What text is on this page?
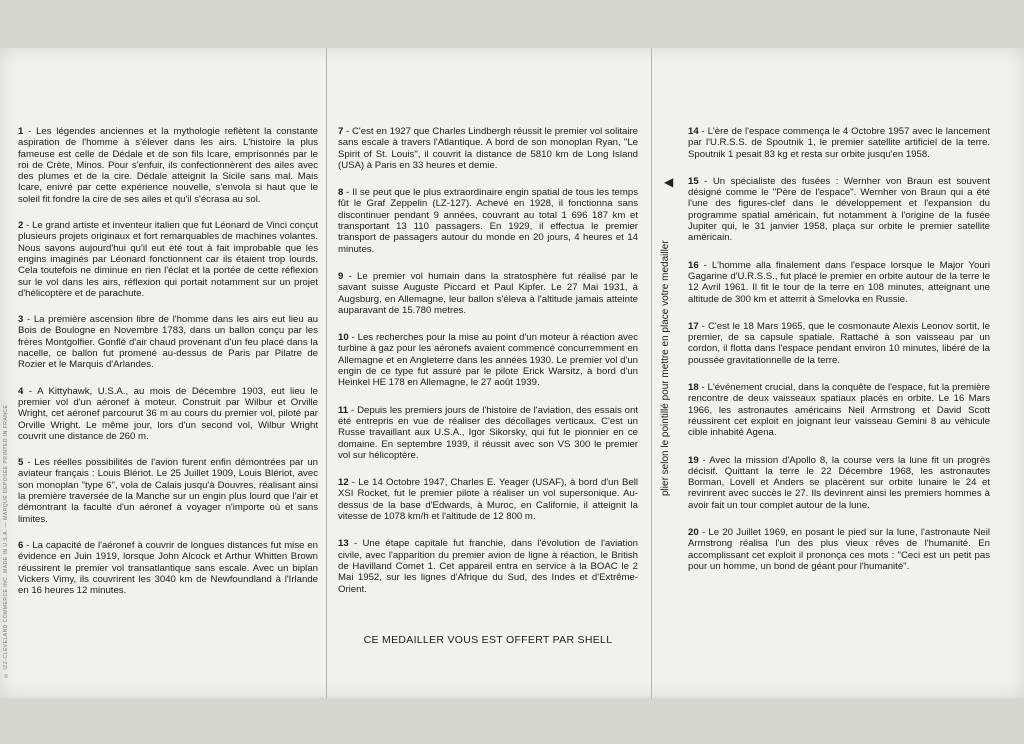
© IZZ-CLEVELAND COMMERCE INC. MADE IN U.S.A. — MARQUE DÉPOSÉE PRINTED IN FRANCE

1 - Les légendes anciennes et la mythologie reflètent la constante aspiration de l'homme à s'élever dans les airs. L'histoire la plus fameuse est celle de Dédale et de son fils Icare, emprisonnés par le roi de Crète, Minos. Pour s'enfuir, ils confectionnèrent des ailes avec des plumes et de la cire. Dédale atteignit la Sicile sans mal. Mais Icare, enivré par cette expérience nouvelle, s'envola si haut que le soleil fit fondre la cire de ses ailes et qu'il s'écrasa au sol.

2 - Le grand artiste et inventeur italien que fut Léonard de Vinci conçut plusieurs projets originaux et fort remarquables de machines volantes. Nous savons aujourd'hui qu'il eut été tout à fait improbable que les engins imaginés par Léonard fonctionnent car ils étaient trop lourds. Cela toutefois ne diminue en rien l'éclat et la portée de cette réflexion sur le vol dans les airs, réflexion qui portait notamment sur un projet d'hélicoptère et de parachute.

3 - La première ascension libre de l'homme dans les airs eut lieu au Bois de Boulogne en Novembre 1783, dans un ballon conçu par les frères Montgolfier. Gonflé d'air chaud provenant d'un feu placé dans la nacelle, ce ballon fut promené au-dessus de Paris par Pilatre de Rozier et le Marquis d'Arlandes.

4 - A Kittyhawk, U.S.A., au mois de Décembre 1903, eut lieu le premier vol d'un aéronef à moteur. Construit par Wilbur et Orville Wright, cet aéronef parcourut 36 m au cours du premier vol, piloté par Orville Wright. Le même jour, lors d'un second vol, Wilbur Wright couvrit une distance de 260 m.

5 - Les réelles possibilités de l'avion furent enfin démontrées par un aviateur français : Louis Blériot. Le 25 Juillet 1909, Louis Blériot, avec son monoplan "type 6", vola de Calais jusqu'à Douvres, réalisant ainsi la première traversée de la Manche sur un engin plus lourd que l'air et démontrant la faculté d'un aéronef à voyager n'importe où et sans limites.

6 - La capacité de l'aéronef à couvrir de longues distances fut mise en évidence en Juin 1919, lorsque John Alcock et Arthur Whitten Brown réussirent le premier vol transatlantique sans escale. Avec un biplan Vickers Vimy, ils couvrirent les 3040 km de Newfoundland à l'Irlande en 16 heures 12 minutes.

7 - C'est en 1927 que Charles Lindbergh réussit le premier vol solitaire sans escale à travers l'Atlantique. A bord de son monoplan Ryan, "Le Spirit of St. Louis", il couvrit la distance de 5810 km de Long Island (USA) à Paris en 33 heures et demie.

8 - Il se peut que le plus extraordinaire engin spatial de tous les temps fût le Graf Zeppelin (LZ-127). Achevé en 1928, il fonctionna sans discontinuer pendant 9 années, couvrant au total 1 696 187 km et transportant 13 110 passagers. En 1929, il effectua le premier transport de passagers autour du monde en 20 jours, 4 heures et 14 minutes.

9 - Le premier vol humain dans la stratosphère fut réalisé par le savant suisse Auguste Piccard et Paul Kipfer. Le 27 Mai 1931, à Augsburg, en Allemagne, leur ballon s'éleva à l'altitude jamais atteinte auparavant de 15.780 metres.

10 - Les recherches pour la mise au point d'un moteur à réaction avec turbine à gaz pour les aéronefs avaient commencé concurremment en Allemagne et en Angleterre dans les années 1930. Le premier vol d'un engin de ce type fut assuré par le pilote Erick Warsitz, à bord d'un Heinkel HE 178 en Allemagne, le 27 août 1939.

11 - Depuis les premiers jours de l'histoire de l'aviation, des essais ont été entrepris en vue de réaliser des décollages verticaux. C'est un Russe travaillant aux U.S.A., Igor Sikorsky, qui fut le pionnier en ce domaine. En septembre 1939, il réussit avec son VS 300 le premier vol sur hélicoptère.

12 - Le 14 Octobre 1947, Charles E. Yeager (USAF), à bord d'un Bell XSI Rocket, fut le premier pilote à réaliser un vol supersonique. Au-dessus de la base d'Edwards, à Muroc, en Californie, il atteignit la vitesse de 1078 km/h et l'altitude de 12 800 m.

13 - Une étape capitale fut franchie, dans l'évolution de l'aviation civile, avec l'apparition du premier avion de ligne à réaction, le British de Havilland Comet 1. Cet appareil entra en service à la BOAC le 2 Mai 1952, sur les lignes d'Afrique du Sud, des Indes et d'Extrême-Orient.

14 - L'ère de l'espace commença le 4 Octobre 1957 avec le lancement par l'U.R.S.S. de Spoutnik 1, le premier satellite artificiel de la terre. Spoutnik 1 pesait 83 kg et resta sur orbite jusqu'en 1958.

15 - Un spécialiste des fusées : Wernher von Braun est souvent désigné comme le "Père de l'espace". Wernher von Braun qui a été l'une des figures-clef dans le développement et l'expansion du programme spatial américain, fut notamment à l'origine de la fusée Jupiter qui, le 31 janvier 1958, plaça sur orbite le premier satellite américain.

16 - L'homme alla finalement dans l'espace lorsque le Major Youri Gagarine d'U.R.S.S., fut placé le premier en orbite autour de la terre le 12 Avril 1961. Il fit le tour de la terre en 108 minutes, atteignant une altitude de 300 km et atterrit à Smelovka en Russie.

17 - C'est le 18 Mars 1965, que le cosmonaute Alexis Leonov sortit, le premier, de sa capsule spatiale. Rattaché à son vaisseau par un cordon, il flotta dans l'espace pendant environ 10 minutes, libéré de la poussée gravitationnelle de la terre.

18 - L'événement crucial, dans la conquête de l'espace, fut la première rencontre de deux vaisseaux spatiaux placés en orbite. Le 16 Mars 1966, les astronautes américains Neil Armstrong et David Scott réussirent cet exploit en joignant leur vaisseau Gemini 8 au véhicule cible inhabité Agena.

19 - Avec la mission d'Apollo 8, la course vers la lune fit un progrès décisif. Quittant la terre le 22 Décembre 1968, les astronautes Borman, Lovell et Anders se placèrent sur orbite lunaire le 24 et revinrent avec succès le 27. Ils devinrent ainsi les premiers hommes à avoir fait un tour complet autour de la lune.

20 - Le 20 Juillet 1969, en posant le pied sur la lune, l'astronaute Neil Armstrong réalisa l'un des plus vieux rêves de l'humanité. En accomplissant cet exploit il prononça ces mots : "Ceci est un petit pas pour un homme, un bond de géant pour l'humanité".

CE MEDAILLER VOUS EST OFFERT PAR SHELL
◀
plier selon le pointillé pour mettre en place votre medailler
